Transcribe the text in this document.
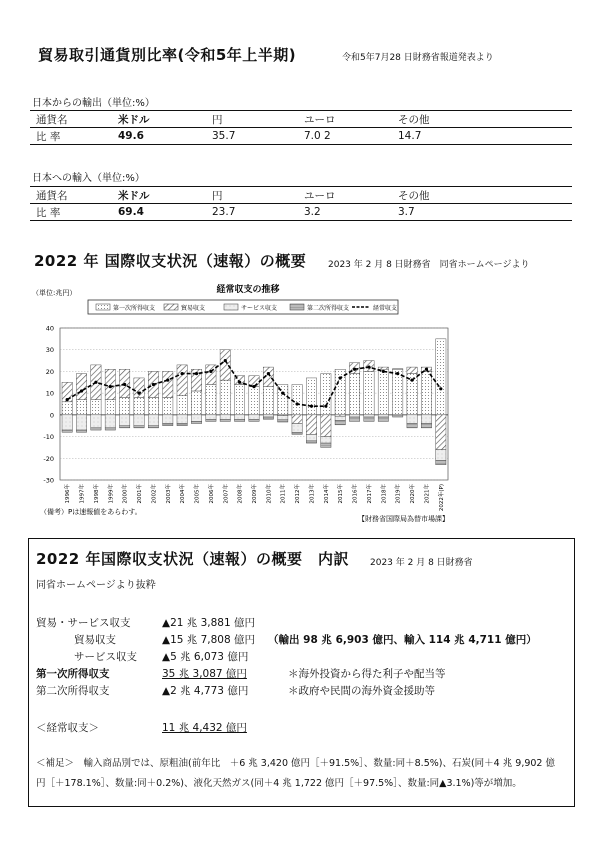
貿易取引通貨別比率(令和5年上半期)	令和5年7月28 日財務省報道発表より
日本からの輸出（単位:%）
通貨名	米ドル	円	ユーロ	その他
比 率	49.6	35.7	7.0 2	14.7
日本への輸入（単位:%）
通貨名	米ドル	円	ユーロ	その他
比 率	69.4	23.7	3.2	3.7
2022 年 国際収支状況（速報）の概要 2023 年 2 月 8 日財務省　同省ホームページより
（単位:兆円）	経常収支の推移
第一次所得収支	貿易収支	サービス収支	第二次所得収支	経常収支
40
30
20
10
0
-10
-20
-30
1996年	1997年	1998年	1999年	2000年	2001年	2002年	2003年	2004年	2005年	2006年	2007年	2008年	2009年	2010年	2011年	2012年	2013年	2014年	2015年	2016年	2017年	2018年	2019年	2020年	2021年	2022年(P)
（備考）Pは速報値をあらわす。
【財務省国際局為替市場課】
2022 年国際収支状況（速報）の概要　内訳 2023 年 2 月 8 日財務省
同省ホームページより抜粋
貿易・サービス収支	▲21 兆 3,881 億円
貿易収支	▲15 兆 7,808 億円 （輸出 98 兆 6,903 億円、輸入 114 兆 4,711 億円）
サービス収支 ▲5 兆 6,073 億円
第一次所得収支	35 兆 3,087 億円	＊海外投資から得た利子や配当等
第二次所得収支	▲2 兆 4,773 億円	＊政府や民間の海外資金援助等
＜経常収支＞	11 兆 4,432 億円
＜補足＞　輸入商品別では、原粗油(前年比　＋6 兆 3,420 億円［＋91.5%］、数量:同＋8.5%)、石炭(同＋4 兆 9,902 億
円［＋178.1%］、数量:同＋0.2%)、液化天然ガス(同＋4 兆 1,722 億円［＋97.5%］、数量:同▲3.1%)等が増加。
